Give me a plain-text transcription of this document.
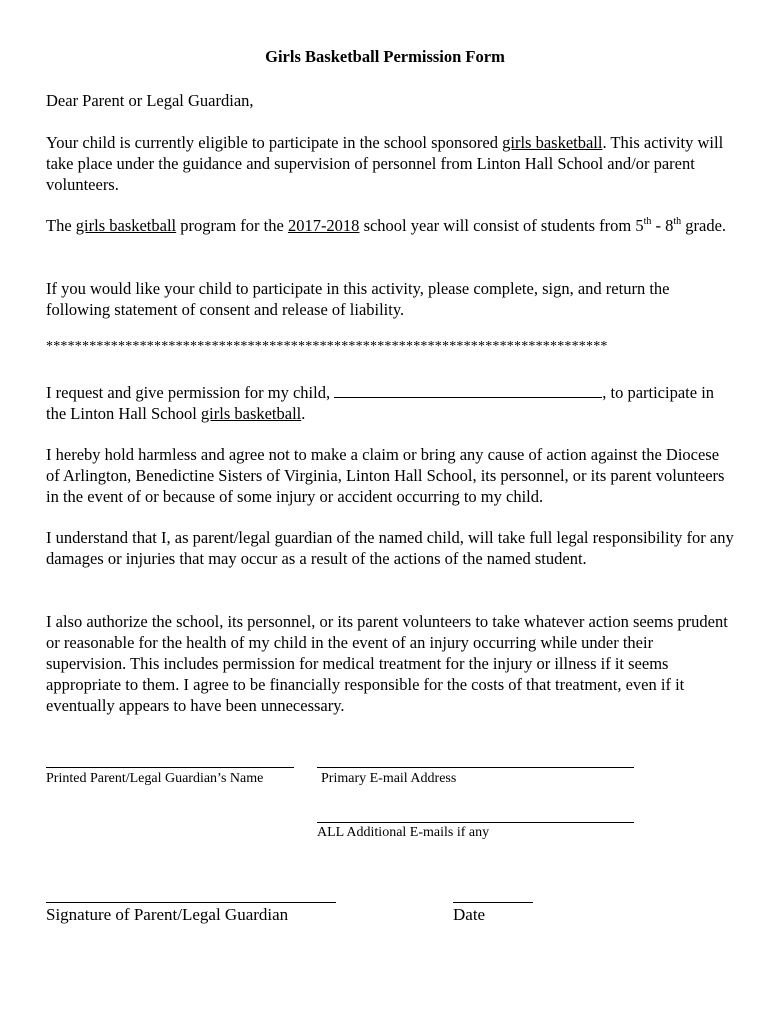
Girls Basketball Permission Form
Dear Parent or Legal Guardian,
Your child is currently eligible to participate in the school sponsored girls basketball. This activity will take place under the guidance and supervision of personnel from Linton Hall School and/or parent volunteers.
The girls basketball program for the 2017-2018 school year will consist of students from 5th - 8th grade.
If you would like your child to participate in this activity, please complete, sign, and return the following statement of consent and release of liability.
******************************************************************************
I request and give permission for my child,	, to participate in the Linton Hall School girls basketball.
I hereby hold harmless and agree not to make a claim or bring any cause of action against the Diocese of Arlington, Benedictine Sisters of Virginia, Linton Hall School, its personnel, or its parent volunteers in the event of or because of some injury or accident occurring to my child.
I understand that I, as parent/legal guardian of the named child, will take full legal responsibility for any damages or injuries that may occur as a result of the actions of the named student.
I also authorize the school, its personnel, or its parent volunteers to take whatever action seems prudent or reasonable for the health of my child in the event of an injury occurring while under their supervision. This includes permission for medical treatment for the injury or illness if it seems appropriate to them. I agree to be financially responsible for the costs of that treatment, even if it eventually appears to have been unnecessary.
Printed Parent/Legal Guardian’s Name	Primary E-mail Address
ALL Additional E-mails if any
Signature of Parent/Legal Guardian	Date
